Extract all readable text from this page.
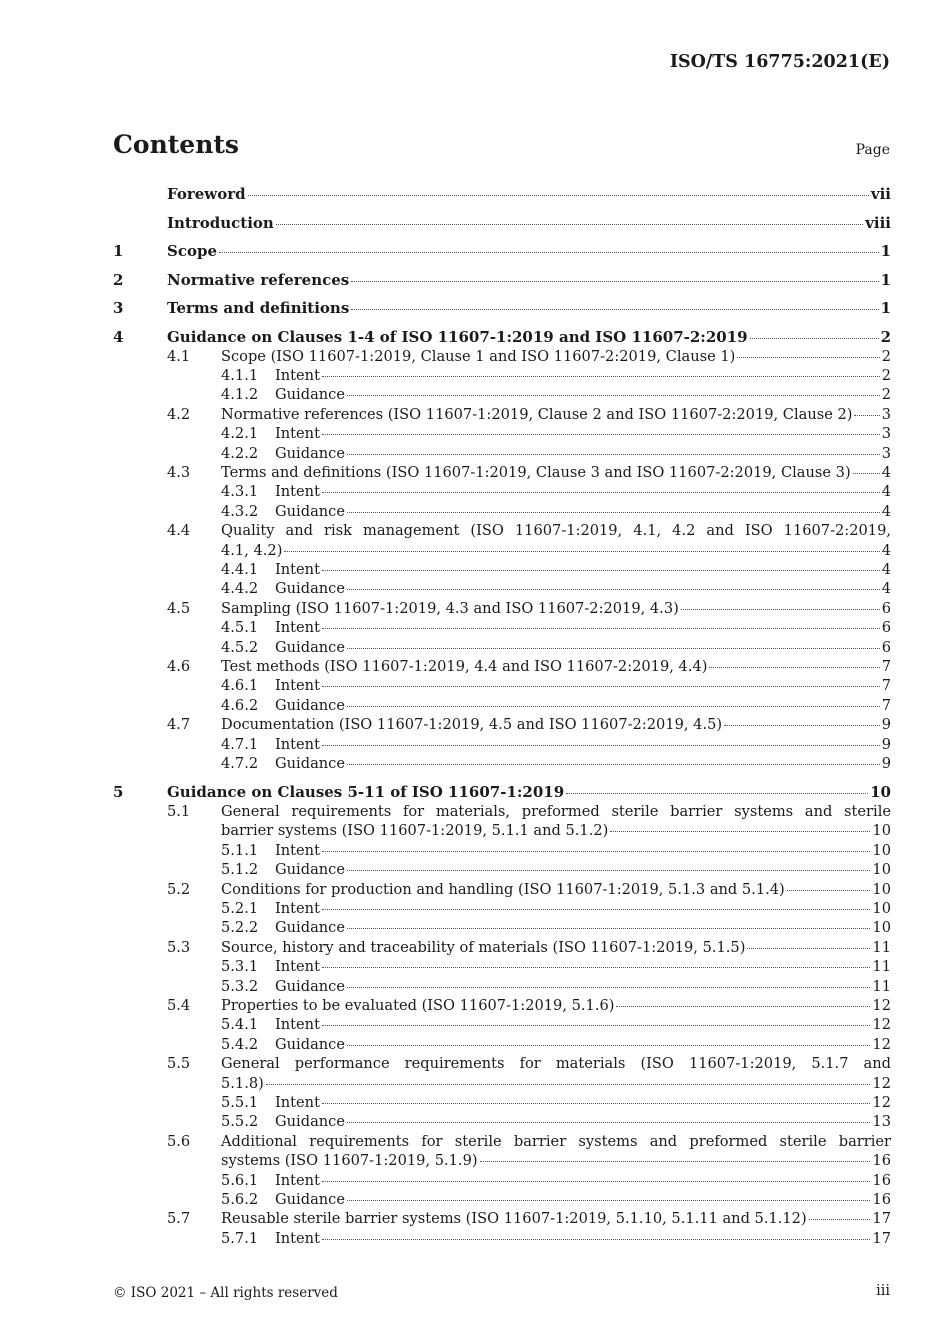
ISO/TS 16775:2021(E)
Contents	Page
Foreword	vii
Introduction	viii
1	Scope	1
2	Normative references	1
3	Terms and definitions	1
4	Guidance on Clauses 1-4 of ISO 11607-1:2019 and ISO 11607-2:2019	2
4.1	Scope (ISO 11607-1:2019, Clause 1 and ISO 11607-2:2019, Clause 1)	2
4.1.1	Intent	2
4.1.2	Guidance	2
4.2	Normative references (ISO 11607-1:2019, Clause 2 and ISO 11607-2:2019, Clause 2) 3
4.2.1	Intent	3
4.2.2	Guidance	3
4.3	Terms and definitions (ISO 11607-1:2019, Clause 3 and ISO 11607-2:2019, Clause 3) 4
4.3.1	Intent	4
4.3.2	Guidance	4
4.4	Quality and risk management (ISO 11607-1:2019, 4.1, 4.2 and ISO 11607-2:2019,
4.1, 4.2)	4
4.4.1	Intent	4
4.4.2	Guidance	4
4.5	Sampling (ISO 11607-1:2019, 4.3 and ISO 11607-2:2019, 4.3)	6
4.5.1	Intent	6
4.5.2	Guidance	6
4.6	Test methods (ISO 11607-1:2019, 4.4 and ISO 11607-2:2019, 4.4)	7
4.6.1	Intent	7
4.6.2	Guidance	7
4.7	Documentation (ISO 11607-1:2019, 4.5 and ISO 11607-2:2019, 4.5)	9
4.7.1	Intent	9
4.7.2	Guidance	9
5	Guidance on Clauses 5-11 of ISO 11607-1:2019	10
5.1	General requirements for materials, preformed sterile barrier systems and sterile
barrier systems (ISO 11607-1:2019, 5.1.1 and 5.1.2)	10
5.1.1	Intent	10
5.1.2	Guidance	10
5.2	Conditions for production and handling (ISO 11607-1:2019, 5.1.3 and 5.1.4)	10
5.2.1	Intent	10
5.2.2	Guidance	10
5.3	Source, history and traceability of materials (ISO 11607-1:2019, 5.1.5)	11
5.3.1	Intent	11
5.3.2	Guidance	11
5.4	Properties to be evaluated (ISO 11607-1:2019, 5.1.6)	12
5.4.1	Intent	12
5.4.2	Guidance	12
5.5	General performance requirements for materials (ISO 11607-1:2019, 5.1.7 and
5.1.8)	12
5.5.1	Intent	12
5.5.2	Guidance	13
5.6	Additional requirements for sterile barrier systems and preformed sterile barrier
systems (ISO 11607-1:2019, 5.1.9)	16
5.6.1	Intent	16
5.6.2	Guidance	16
5.7	Reusable sterile barrier systems (ISO 11607-1:2019, 5.1.10, 5.1.11 and 5.1.12)	17
5.7.1	Intent	17
© ISO 2021 – All rights reserved	iii
